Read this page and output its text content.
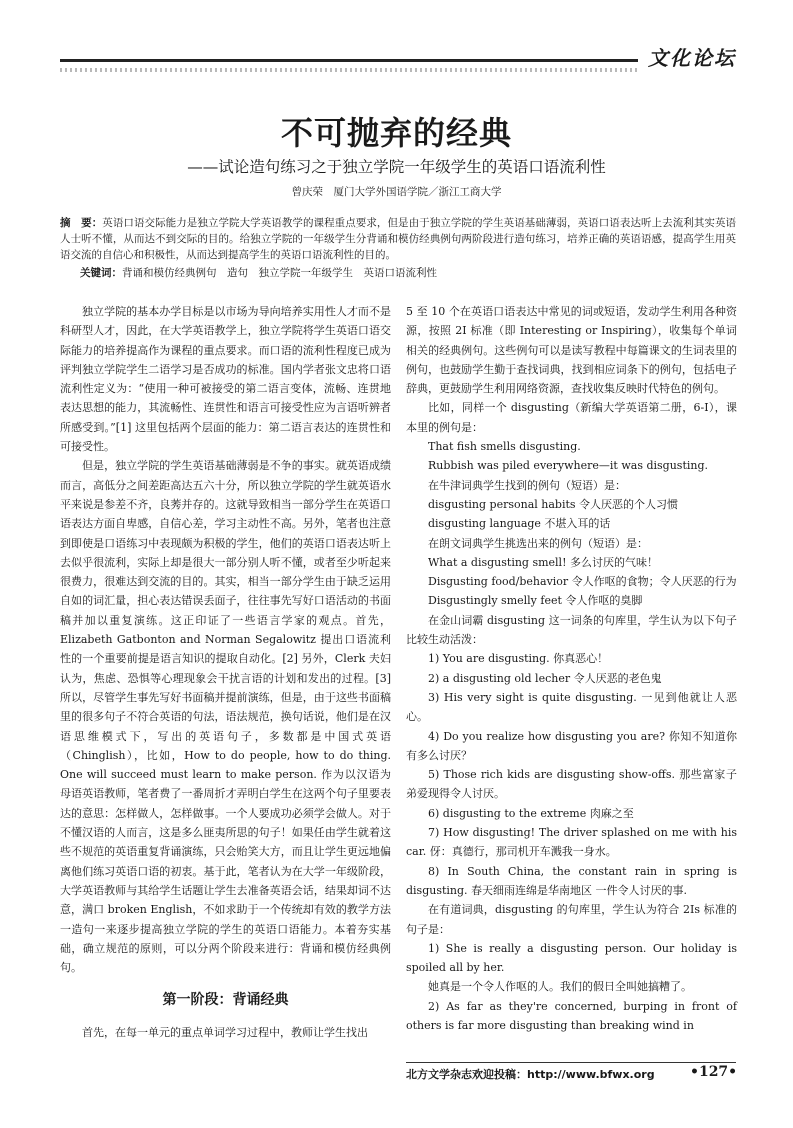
文化论坛
不可抛弃的经典
——试论造句练习之于独立学院一年级学生的英语口语流利性
曾庆荣　厦门大学外国语学院／浙江工商大学
摘　要：英语口语交际能力是独立学院大学英语教学的课程重点要求，但是由于独立学院的学生英语基础薄弱，英语口语表达听上去流利其实英语人士听不懂，从而达不到交际的目的。给独立学院的一年级学生分背诵和模仿经典例句两阶段进行造句练习，培养正确的英语语感，提高学生用英语交流的自信心和积极性，从而达到提高学生的英语口语流利性的目的。
关键词：背诵和模仿经典例句　造句　独立学院一年级学生　英语口语流利性

独立学院的基本办学目标是以市场为导向培养实用性人才而不是科研型人才，因此，在大学英语教学上，独立学院将学生英语口语交际能力的培养提高作为课程的重点要求。而口语的流利性程度已成为评判独立学院学生二语学习是否成功的标准。国内学者张文忠将口语流利性定义为：“使用一种可被接受的第二语言变体，流畅、连贯地表达思想的能力，其流畅性、连贯性和语言可接受性应为言语听辨者所感受到。”[1] 这里包括两个层面的能力：第二语言表达的连贯性和可接受性。

但是，独立学院的学生英语基础薄弱是不争的事实。就英语成绩而言，高低分之间差距高达五六十分，所以独立学院的学生就英语水平来说是参差不齐，良莠并存的。这就导致相当一部分学生在英语口语表达方面自卑感，自信心差，学习主动性不高。另外，笔者也注意到即使是口语练习中表现颇为积极的学生，他们的英语口语表达听上去似乎很流利，实际上却是很大一部分别人听不懂，或者至少听起来很费力，很难达到交流的目的。其实，相当一部分学生由于缺乏运用自如的词汇量，担心表达错误丢面子，往往事先写好口语活动的书面稿并加以重复演练。这正印证了一些语言学家的观点。首先，Elizabeth Gatbonton and Norman Segalowitz 提出口语流利性的一个重要前提是语言知识的提取自动化。[2] 另外，Clerk 夫妇认为，焦虑、恐惧等心理现象会干扰言语的计划和发出的过程。[3] 所以，尽管学生事先写好书面稿并提前演练，但是，由于这些书面稿里的很多句子不符合英语的句法，语法规范，换句话说，他们是在汉语思维模式下，写出的英语句子，多数都是中国式英语（Chinglish），比如，How to do people, how to do thing. One will succeed must learn to make person. 作为以汉语为母语英语教师，笔者费了一番周折才弄明白学生在这两个句子里要表达的意思：怎样做人，怎样做事。一个人要成功必须学会做人。对于不懂汉语的人而言，这是多么匪夷所思的句子！如果任由学生就着这些不规范的英语重复背诵演练，只会贻笑大方，而且让学生更远地偏离他们练习英语口语的初衷。基于此，笔者认为在大学一年级阶段，大学英语教师与其给学生话题让学生去准备英语会话，结果却词不达意，满口 broken English，不如求助于一个传统却有效的教学方法一造句一来逐步提高独立学院的学生的英语口语能力。本着夯实基础，确立规范的原则，可以分两个阶段来进行：背诵和模仿经典例句。

第一阶段：背诵经典

首先，在每一单元的重点单词学习过程中，教师让学生找出

5 至 10 个在英语口语表达中常见的词或短语，发动学生利用各种资源，按照 2I 标准（即 Interesting or Inspiring），收集每个单词相关的经典例句。这些例句可以是读写教程中每篇课文的生词表里的例句，也鼓励学生勤于查找词典，找到相应词条下的例句，包括电子辞典，更鼓励学生利用网络资源，查找收集反映时代特色的例句。

比如，同样一个 disgusting（新编大学英语第二册，6-I），课本里的例句是：

That fish smells disgusting.

Rubbish was piled everywhere—it was disgusting.

在牛津词典学生找到的例句（短语）是：

disgusting personal habits 令人厌恶的个人习惯

disgusting language 不堪入耳的话

在朗文词典学生挑选出来的例句（短语）是：

What a disgusting smell! 多么讨厌的气味！

Disgusting food/behavior 令人作呕的食物；令人厌恶的行为

Disgustingly smelly feet 令人作呕的臭脚

在金山词霸 disgusting 这一词条的句库里，学生认为以下句子比较生动活泼：

1) You are disgusting. 你真恶心！

2) a disgusting old lecher 令人厌恶的老色鬼

3) His very sight is quite disgusting. 一见到他就让人恶心。

4) Do you realize how disgusting you are? 你知不知道你有多么讨厌？

5) Those rich kids are disgusting show-offs. 那些富家子弟爱现得令人讨厌。

6) disgusting to the extreme 肉麻之至

7) How disgusting! The driver splashed on me with his car. 伢：真德行，那司机开车溅我一身水。

8) In South China, the constant rain in spring is disgusting. 春天细雨连绵是华南地区 一件令人讨厌的事.

在有道词典，disgusting 的句库里，学生认为符合 2Is 标准的句子是：

1) She is really a disgusting person. Our holiday is spoiled all by her.

她真是一个令人作呕的人。我们的假日全叫她搞糟了。

2) As far as they're concerned, burping in front of others is far more disgusting than breaking wind in

北方文学杂志欢迎投稿：http://www.bfwx.org	•127•
